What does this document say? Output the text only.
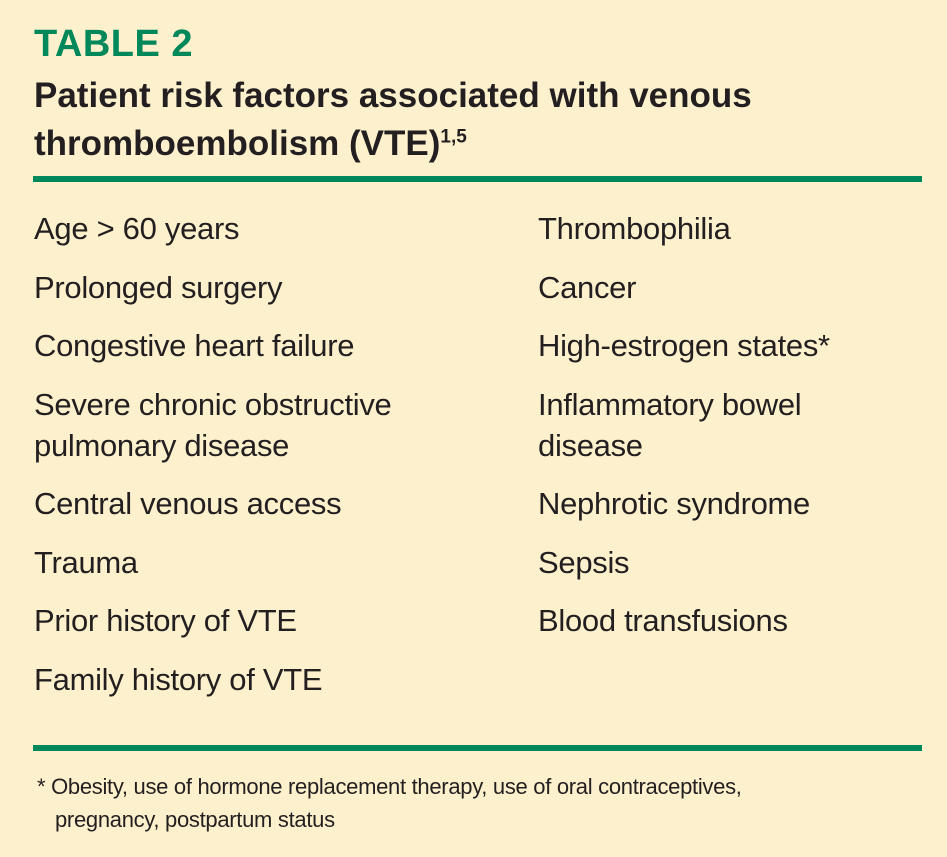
TABLE 2
Patient risk factors associated with venous thromboembolism (VTE)$^{1,5}$
Age > 60 years
Prolonged surgery
Congestive heart failure
Severe chronic obstructive pulmonary disease
Central venous access
Trauma
Prior history of VTE
Family history of VTE
Thrombophilia
Cancer
High-estrogen states*
Inflammatory bowel disease
Nephrotic syndrome
Sepsis
Blood transfusions

* Obesity, use of hormone replacement therapy, use of oral contraceptives,
pregnancy, postpartum status
